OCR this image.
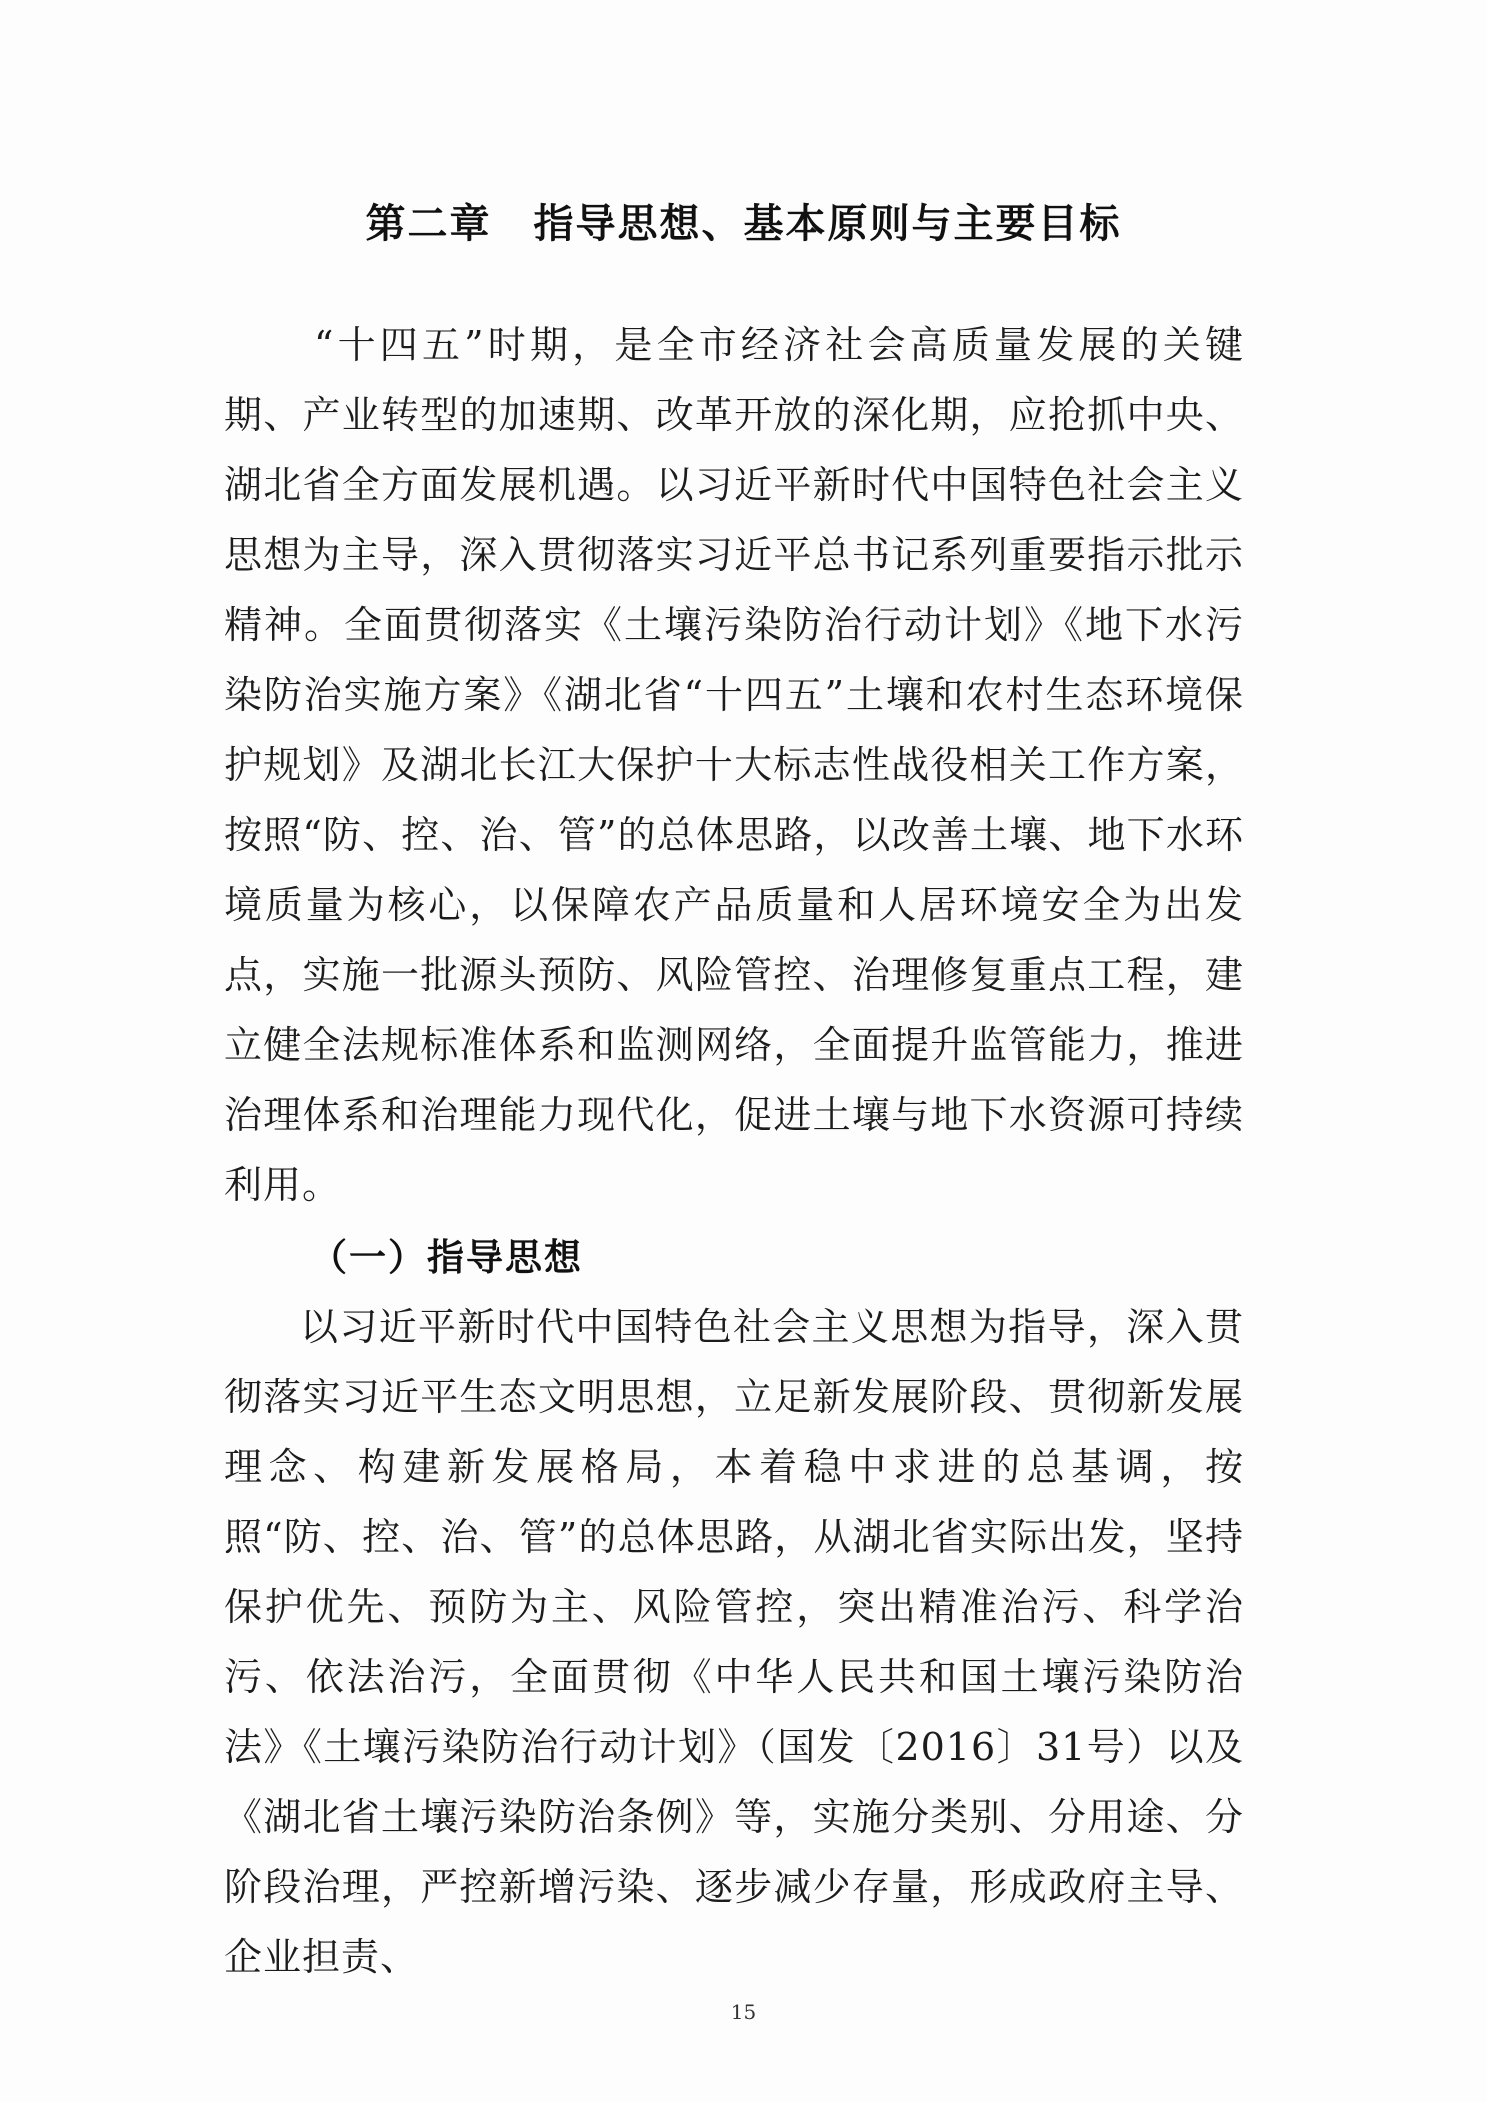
第二章　指导思想、基本原则与主要目标
“十四五”时期，是全市经济社会高质量发展的关键期、产业转型的加速期、改革开放的深化期，应抢抓中央、湖北省全方面发展机遇。以习近平新时代中国特色社会主义思想为主导，深入贯彻落实习近平总书记系列重要指示批示精神。全面贯彻落实《土壤污染防治行动计划》《地下水污染防治实施方案》《湖北省“十四五”土壤和农村生态环境保护规划》及湖北长江大保护十大标志性战役相关工作方案，按照“防、控、治、管”的总体思路，以改善土壤、地下水环境质量为核心，以保障农产品质量和人居环境安全为出发点，实施一批源头预防、风险管控、治理修复重点工程，建立健全法规标准体系和监测网络，全面提升监管能力，推进治理体系和治理能力现代化，促进土壤与地下水资源可持续利用。
（一）指导思想
以习近平新时代中国特色社会主义思想为指导，深入贯彻落实习近平生态文明思想，立足新发展阶段、贯彻新发展理念、构建新发展格局，本着稳中求进的总基调，按照“防、控、治、管”的总体思路，从湖北省实际出发，坚持保护优先、预防为主、风险管控，突出精准治污、科学治污、依法治污，全面贯彻《中华人民共和国土壤污染防治法》《土壤污染防治行动计划》（国发〔2016〕31号）以及《湖北省土壤污染防治条例》等，实施分类别、分用途、分阶段治理，严控新增污染、逐步减少存量，形成政府主导、企业担责、
15
